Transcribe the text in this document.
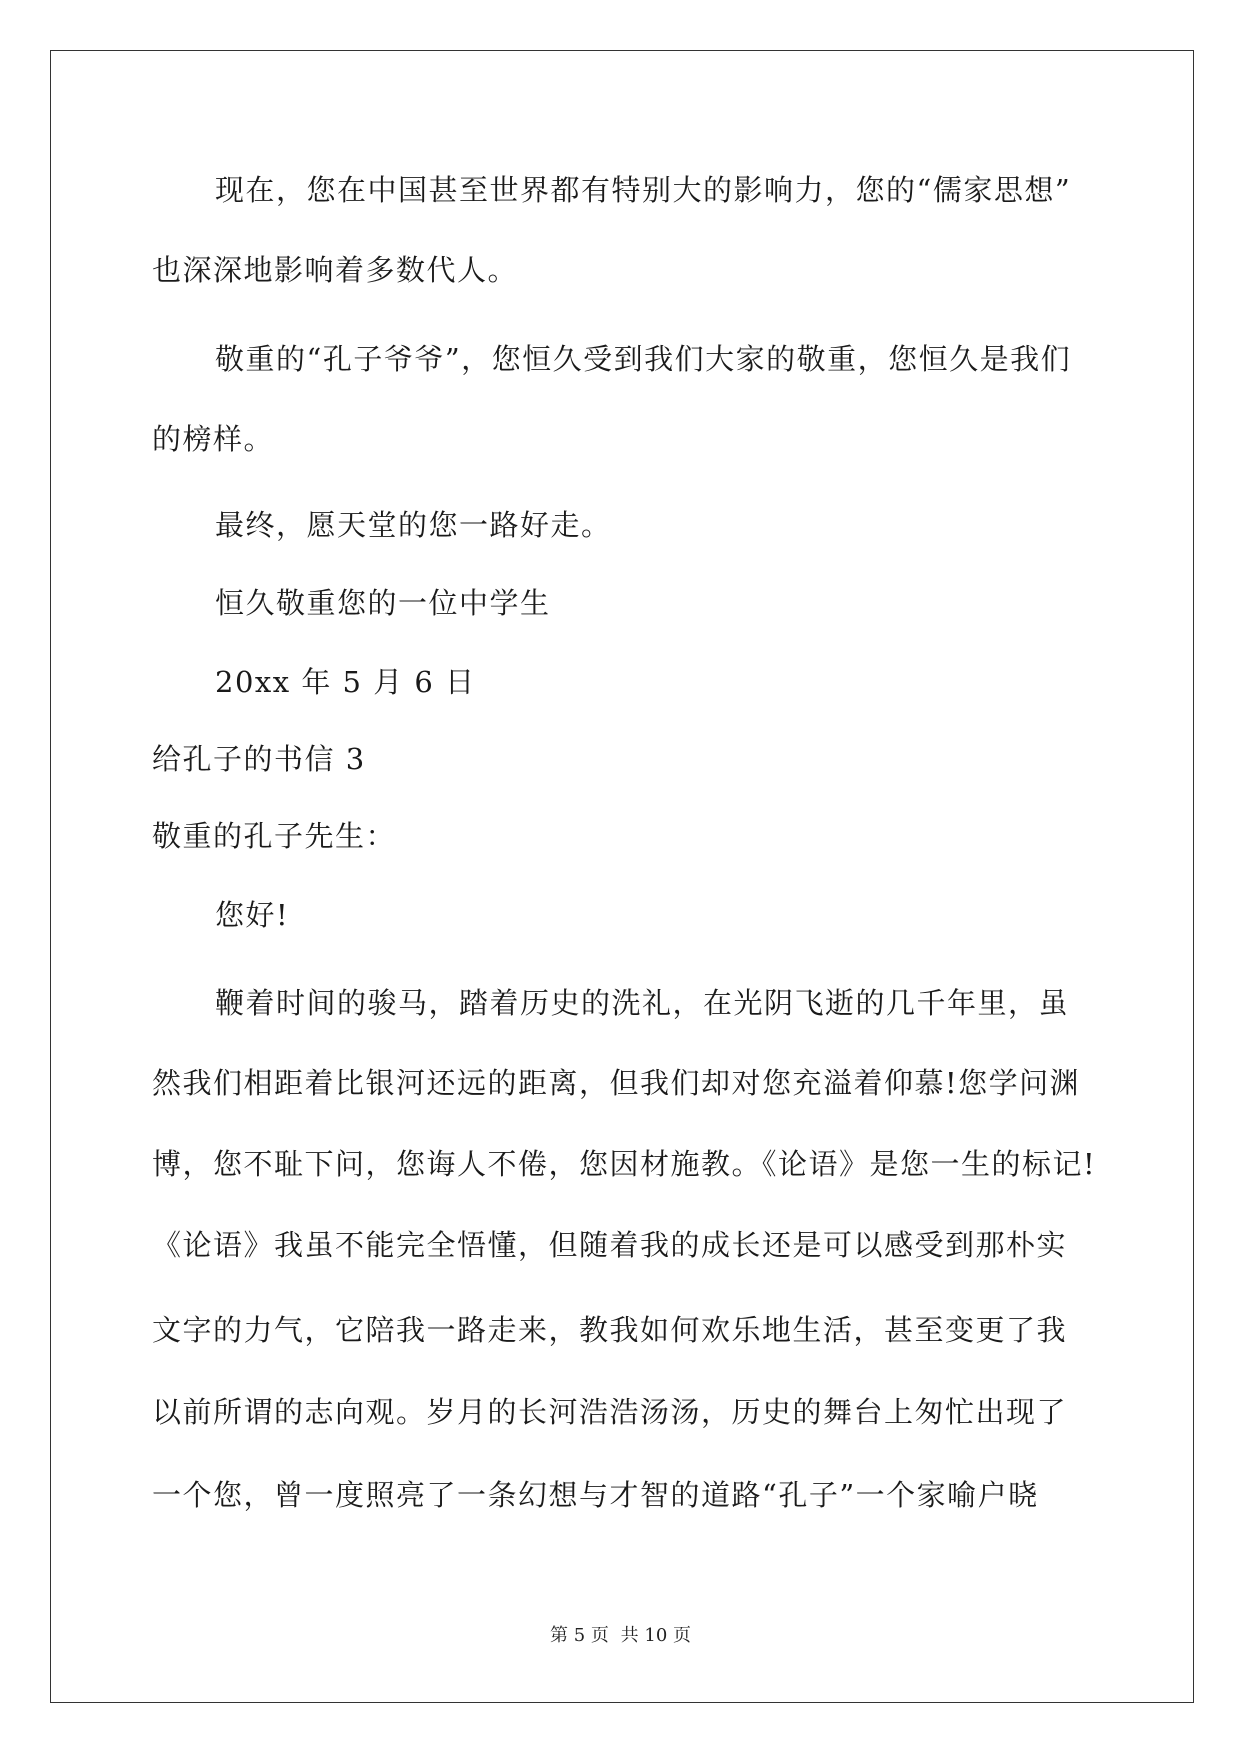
现在，您在中国甚至世界都有特别大的影响力，您的“儒家思想”
也深深地影响着多数代人。
敬重的“孔子爷爷”，您恒久受到我们大家的敬重，您恒久是我们
的榜样。
最终，愿天堂的您一路好走。
恒久敬重您的一位中学生
20xx 年 5 月 6 日
给孔子的书信 3
敬重的孔子先生：
您好!
鞭着时间的骏马，踏着历史的洗礼，在光阴飞逝的几千年里，虽
然我们相距着比银河还远的距离，但我们却对您充溢着仰慕!您学问渊
博，您不耻下问，您诲人不倦，您因材施教。《论语》是您一生的标记!
《论语》我虽不能完全悟懂，但随着我的成长还是可以感受到那朴实
文字的力气，它陪我一路走来，教我如何欢乐地生活，甚至变更了我
以前所谓的志向观。岁月的长河浩浩汤汤，历史的舞台上匆忙出现了
一个您，曾一度照亮了一条幻想与才智的道路“孔子”一个家喻户晓
第 5 页 共 10 页
